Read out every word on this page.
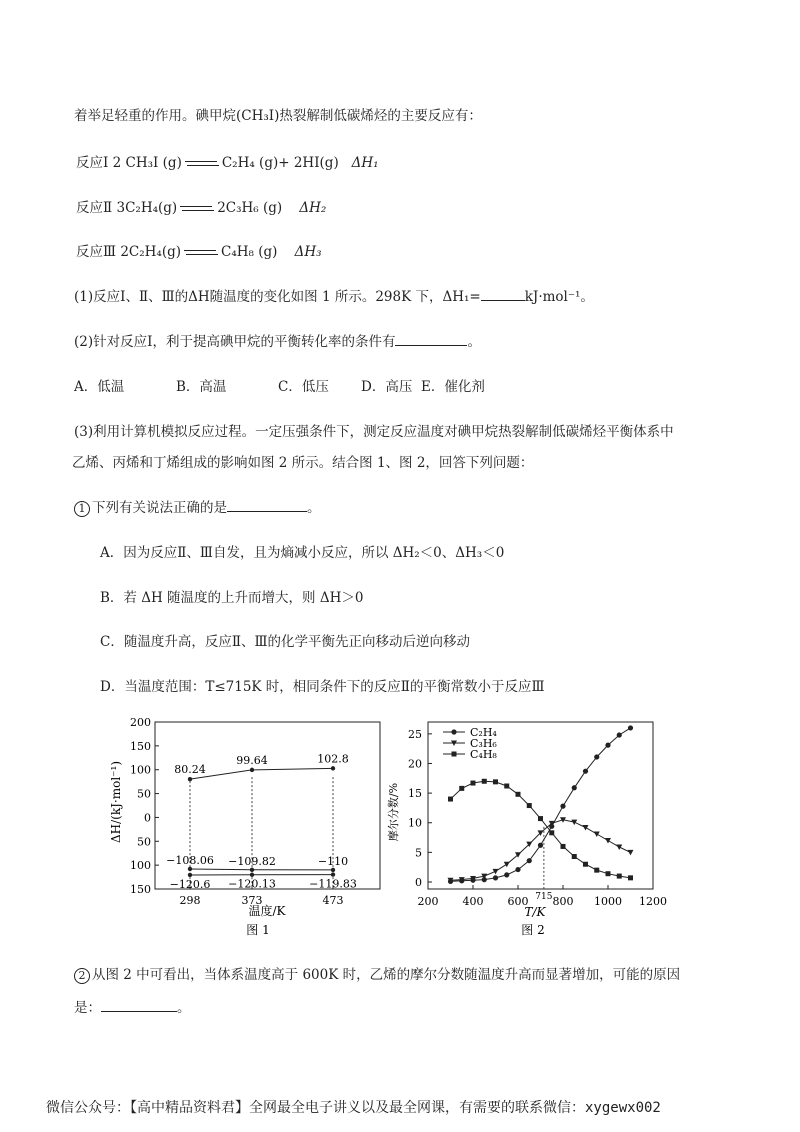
着举足轻重的作用。碘甲烷(CH₃I)热裂解制低碳烯烃的主要反应有：
反应Ⅰ 2 CH₃I (g)	C₂H₄ (g)+ 2HI(g) ΔH₁
反应Ⅱ 3C₂H₄(g)	2C₃H₆ (g) ΔH₂
反应Ⅲ 2C₂H₄(g)	C₄H₈ (g) ΔH₃
(1)反应Ⅰ、Ⅱ、Ⅲ的ΔH随温度的变化如图 1 所示。298K 下，ΔH₁=	kJ·mol⁻¹。
(2)针对反应Ⅰ，利于提高碘甲烷的平衡转化率的条件有	。
A．低温	B．高温	C．低压 D．高压 E．催化剂
(3)利用计算机模拟反应过程。一定压强条件下，测定反应温度对碘甲烷热裂解制低碳烯烃平衡体系中
乙烯、丙烯和丁烯组成的影响如图 2 所示。结合图 1、图 2，回答下列问题：
1 下列有关说法正确的是	。
A．因为反应Ⅱ、Ⅲ自发，且为熵减小反应，所以 ΔH₂＜0、ΔH₃＜0
B．若 ΔH 随温度的上升而增大，则 ΔH＞0
C．随温度升高，反应Ⅱ、Ⅲ的化学平衡先正向移动后逆向移动
D．当温度范围：T≤715K 时，相同条件下的反应Ⅱ的平衡常数小于反应Ⅲ
200
150
100
50
0
50
100
150
298	373	473
80.24
99.64	102.8
−108.06 −109.82	−110
−120.6 −120.13	−119.83
ΔH/(kJ·mol⁻¹)
温度/K
图 1
200 400 600 800 1000 1200
0
5
10
15
20
25
715
C₂H₄
C₃H₆
C₄H₈
摩尔分数/%
T/K
图 2
2 从图 2 中可看出，当体系温度高于 600K 时，乙烯的摩尔分数随温度升高而显著增加，可能的原因
是：	。
微信公众号：【高中精品资料君】全网最全电子讲义以及最全网课，有需要的联系微信：xygewx002
